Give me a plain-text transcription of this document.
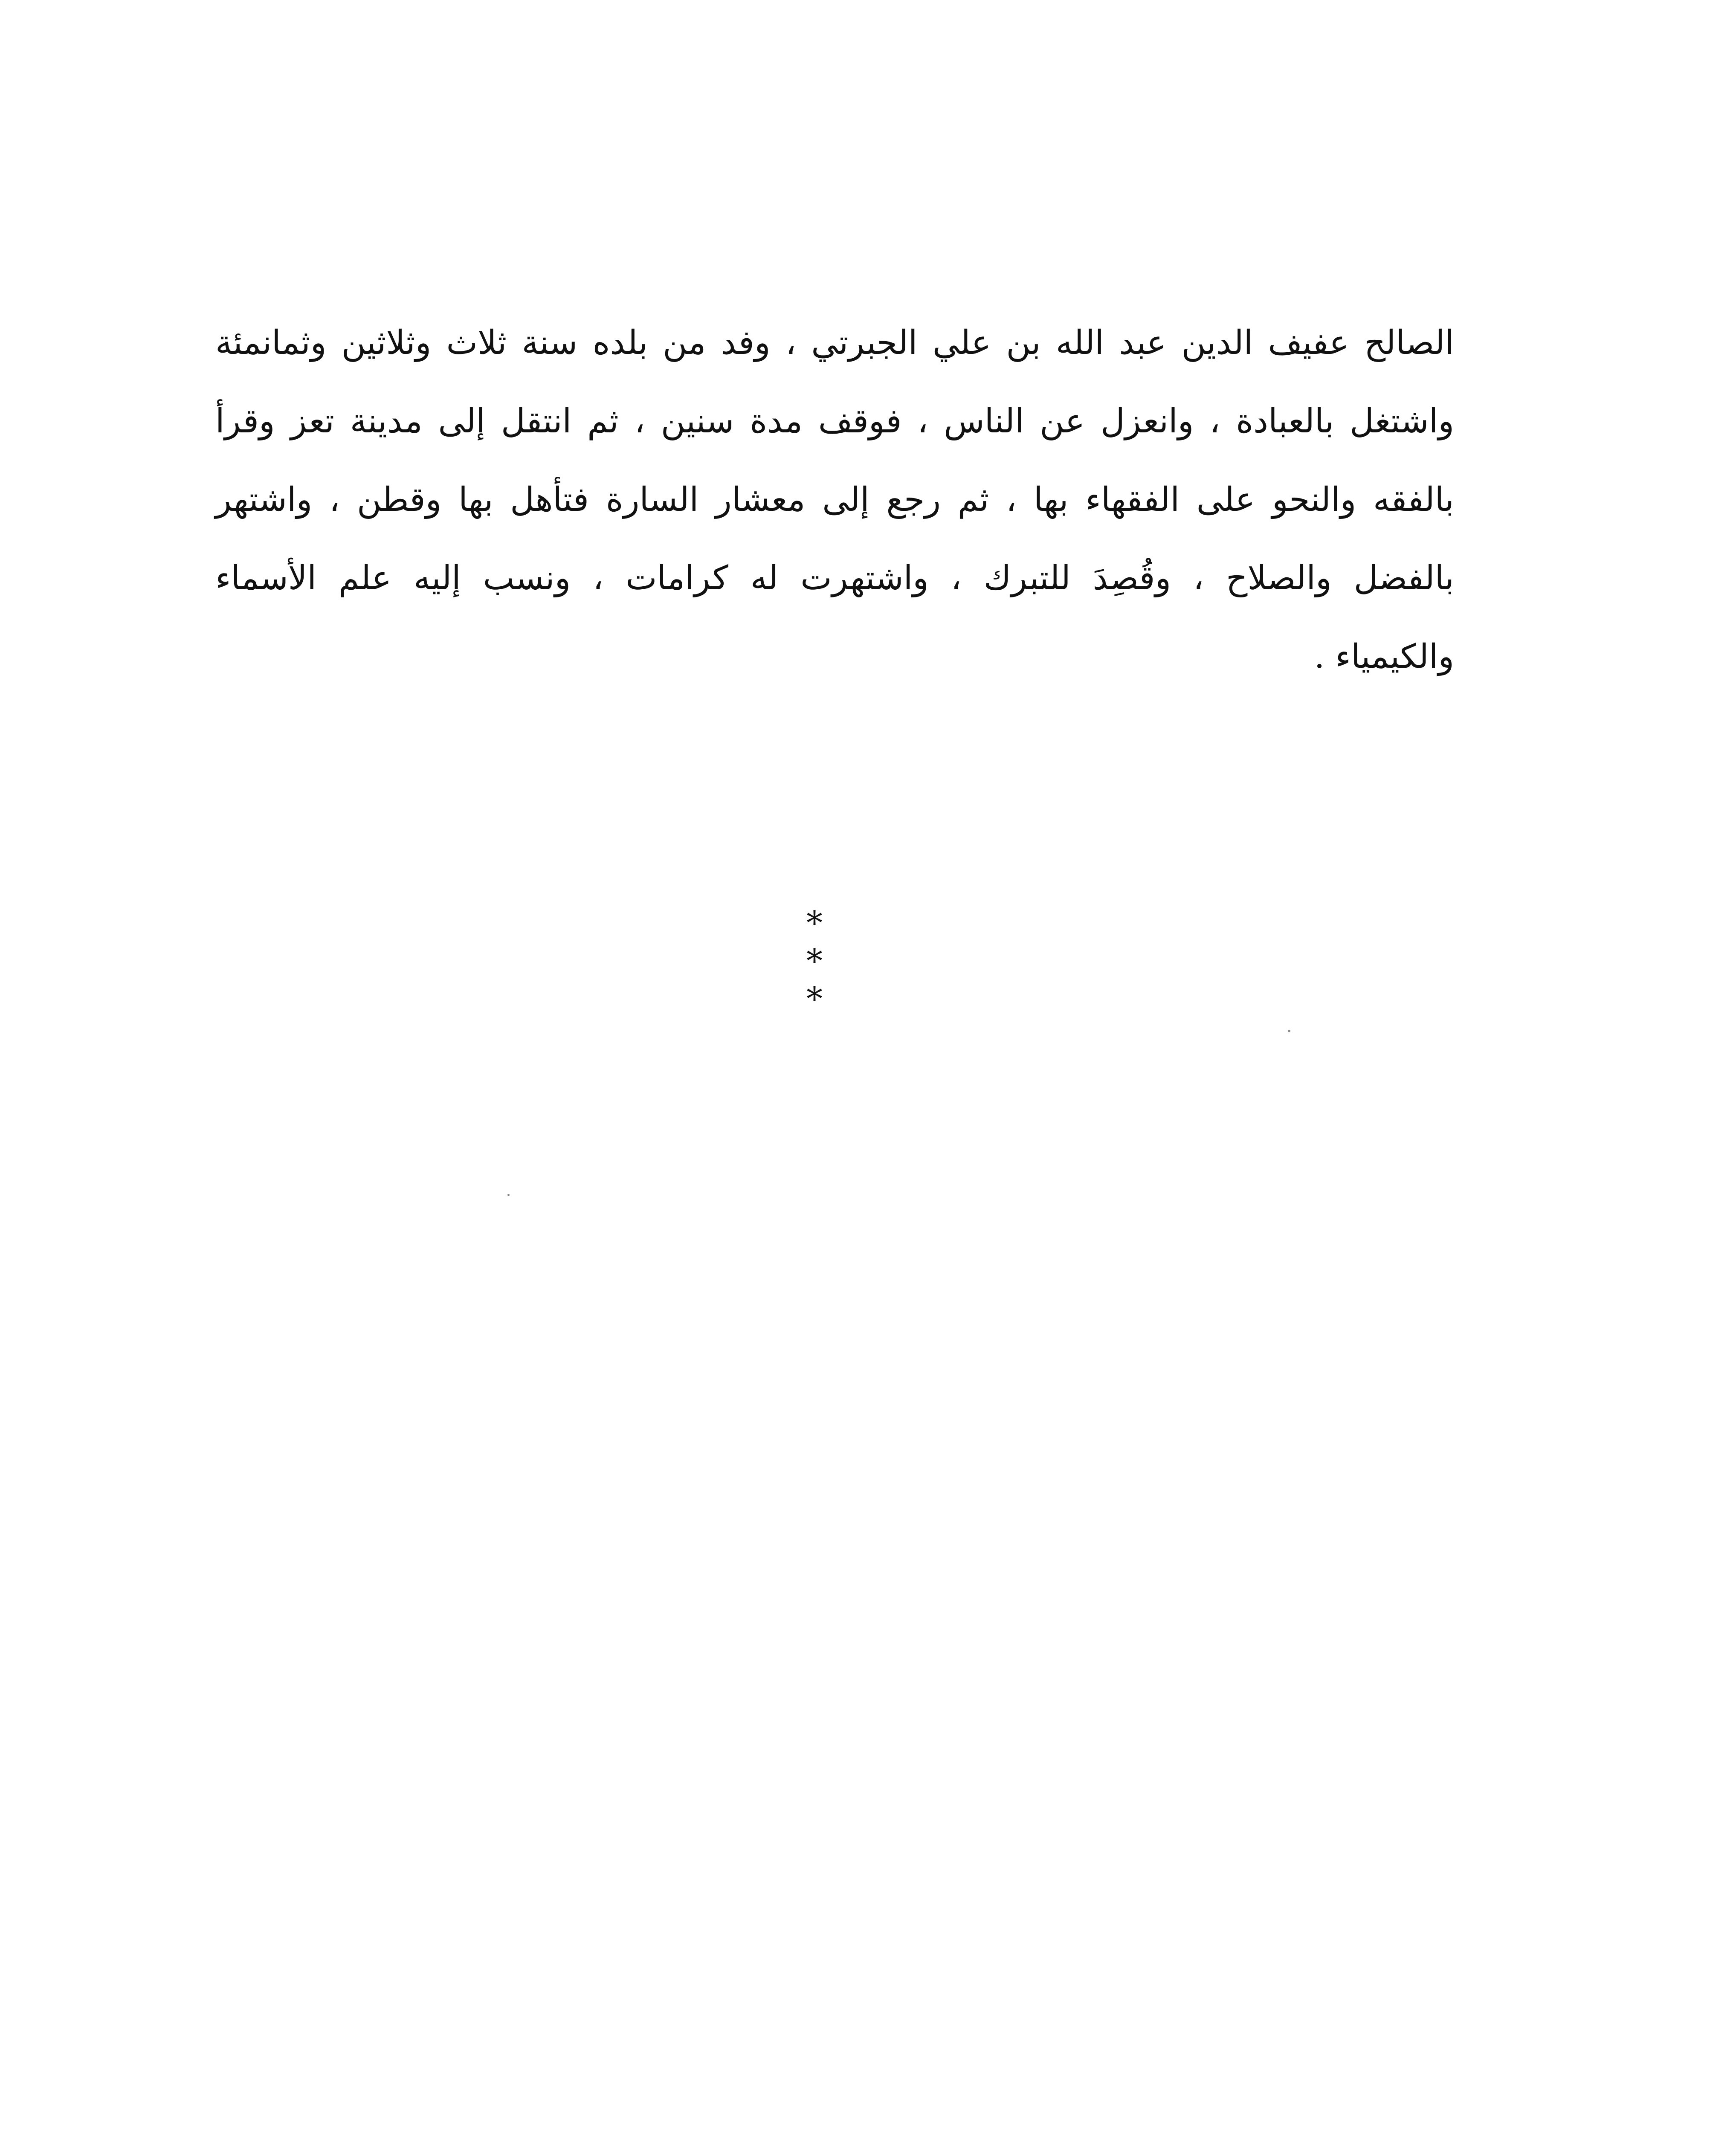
الصالح عفيف الدين عبد الله بن علي الجبرتي ، وفد من بلده سنة ثلاث وثلاثين وثمانمئة
واشتغل بالعبادة ، وانعزل عن الناس ، فوقف مدة سنين ، ثم انتقل إلى مدينة تعز وقرأ
بالفقه والنحو على الفقهاء بها ، ثم رجع إلى معشار السارة فتأهل بها وقطن ، واشتهر
بالفضل والصلاح ، وقُصِدَ للتبرك ، واشتهرت له كرامات ، ونسب إليه علم الأسماء
والكيمياء .
* * *
